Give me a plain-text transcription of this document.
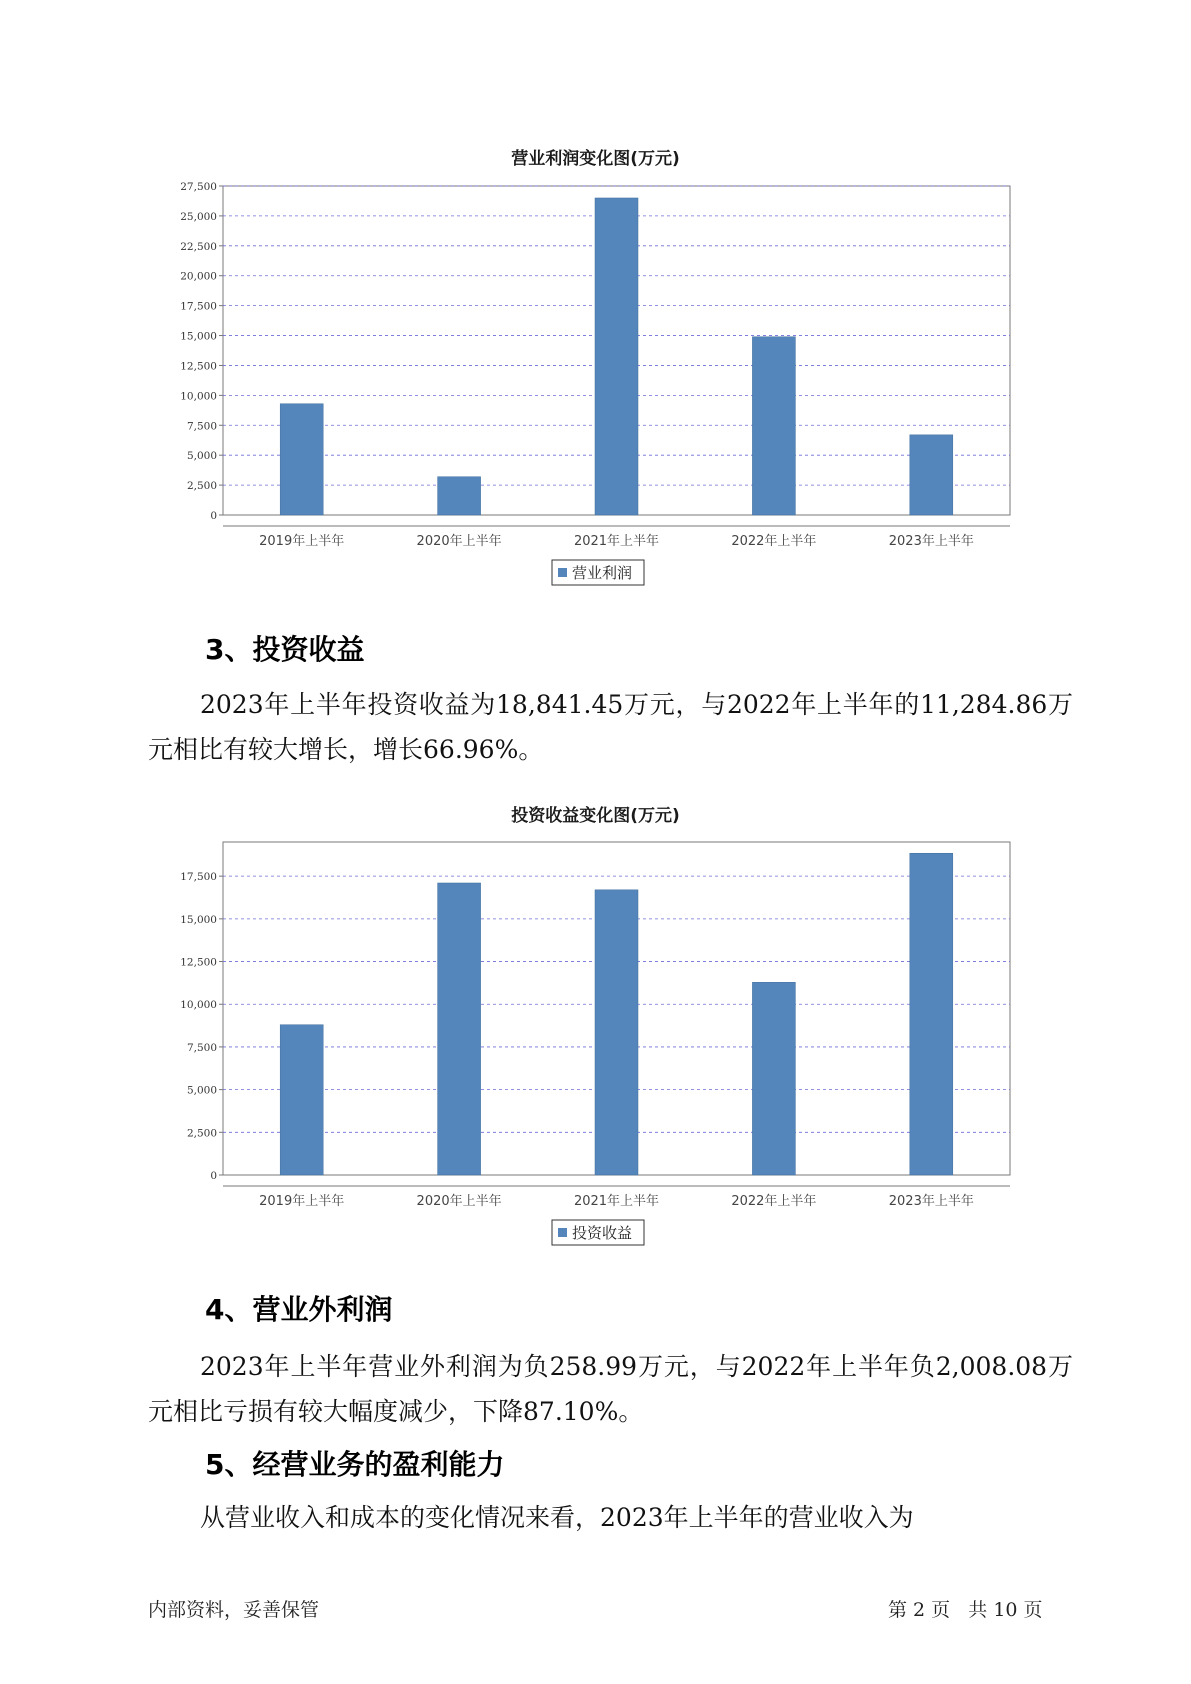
营业利润变化图(万元)
0
2,500
5,000
7,500
10,000
12,500
15,000
17,500
20,000
22,500
25,000
27,500
2019年上半年	2020年上半年	2021年上半年	2022年上半年	2023年上半年
营业利润
3、投资收益

2023年上半年投资收益为18,841.45万元，与2022年上半年的11,284.86万元相比有较大增长，增长66.96%。

投资收益变化图(万元)
0
2,500
5,000
7,500
10,000
12,500
15,000
17,500
2019年上半年	2020年上半年	2021年上半年	2022年上半年	2023年上半年
投资收益
4、营业外利润

2023年上半年营业外利润为负258.99万元，与2022年上半年负2,008.08万元相比亏损有较大幅度减少，下降87.10%。

5、经营业务的盈利能力

从营业收入和成本的变化情况来看，2023年上半年的营业收入为

内部资料，妥善保管	第 2 页   共 10 页
